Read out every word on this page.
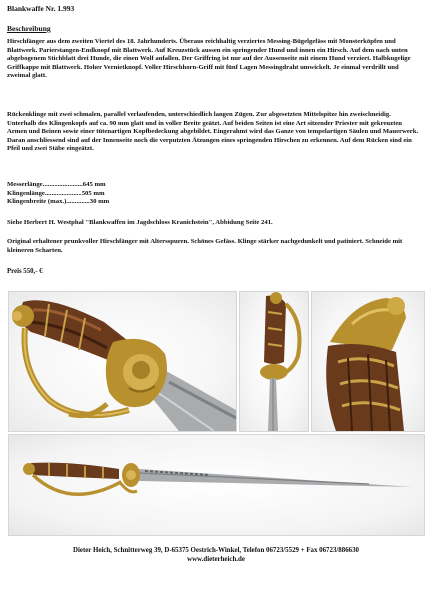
Blankwaffe Nr. 1.993
Beschreibung

Hirschfänger aus dem zweiten Viertel des 18. Jahrhunderts. Überaus reichhaltig verziertes Messing-Bügelgefäss mit Monsterköpfen und Blattwerk. Parierstangen-Endknopf mit Blattwerk. Auf Kreuzstück aussen ein springender Hund und innen ein Hirsch. Auf dem nach unten abgebogenem Stichblatt drei Hunde, die einen Wolf anfallen. Der Griffring ist nur auf der Aussenseite mit einem Hund verziert. Halbkugelige Griffkappe mit Blattwerk. Hoher Vernietknopf. Voller Hirschhorn-Griff mit fünf Lagen Messingdraht umwickelt. Je einmal verdrillt und zweimal glatt.

Rückenklinge mit zwei schmalen, parallel verlaufenden, unterschiedlich langen Zügen. Zur abgesetzten Mittelspitze hin zweischneidig. Unterhalb des Klingenkopfs auf ca. 90 mm glatt und in voller Breite geätzt. Auf beiden Seiten ist eine Art sitzender Priester mit gekreuzten Armen und Beinen sowie einer tütenartigen Kopfbedeckung abgebildet. Eingerahmt wird das Ganze von tempelartigen Säulen und Mauerwerk. Daran anschliessend sind auf der Innenseite noch die verputzten Ätzungen eines springenden Hirschen zu erkennen. Auf dem Rücken sind ein Pfeil und zwei Stäbe eingeätzt.

Messerlänge........................645 mm
Klingenlänge......................505 mm
Klingenbreite (max.)..............30 mm

Siehe Herbert H. Westphal "Blankwaffen im Jagdschloss Kranichstein", Abbidung Seite 241.

Original erhaltener prunkvoller Hirschfänger mit Altersspuren. Schönes Gefäss. Klinge stärker nachgedunkelt und patiniert. Schneide mit kleineren Scharten.

Preis 550,- €
Dieter Heich, Schnitterweg 39, D-65375 Oestrich-Winkel, Telefon 06723/5529 + Fax 06723/886630
www.dieterheich.de
